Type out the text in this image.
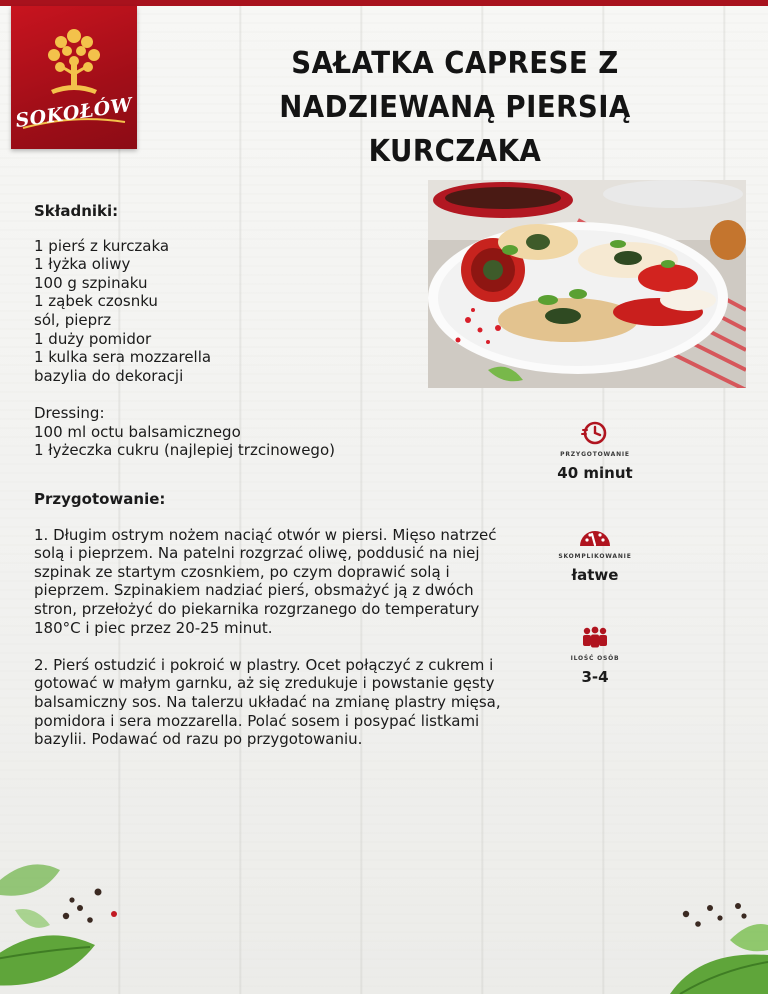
SOKOŁÓW
SAŁATKA CAPRESE Z NADZIEWANĄ PIERSIĄ KURCZAKA

Składniki:

1 pierś z kurczaka

1 łyżka oliwy

100 g szpinaku

1 ząbek czosnku

sól, pieprz

1 duży pomidor

1 kulka sera mozzarella

bazylia do dekoracji

Dressing:

100 ml octu balsamicznego

1 łyżeczka cukru (najlepiej trzcinowego)

Przygotowanie:

1. Długim ostrym nożem naciąć otwór w piersi. Mięso natrzeć solą i pieprzem. Na patelni rozgrzać oliwę, poddusić na niej szpinak ze startym czosnkiem, po czym doprawić solą i pieprzem. Szpinakiem nadziać pierś, obsmażyć ją z dwóch stron, przełożyć do piekarnika rozgrzanego do temperatury 180°C i piec przez 20-25 minut.

2. Pierś ostudzić i pokroić w plastry. Ocet połączyć z cukrem i gotować w małym garnku, aż się zredukuje i powstanie gęsty balsamiczny sos. Na talerzu układać na zmianę plastry mięsa, pomidora i sera mozzarella. Polać sosem i posypać listkami bazylii. Podawać od razu po przygotowaniu.

PRZYGOTOWANIE
40 minut
SKOMPLIKOWANIE
łatwe
ILOŚĆ OSÓB
3-4
